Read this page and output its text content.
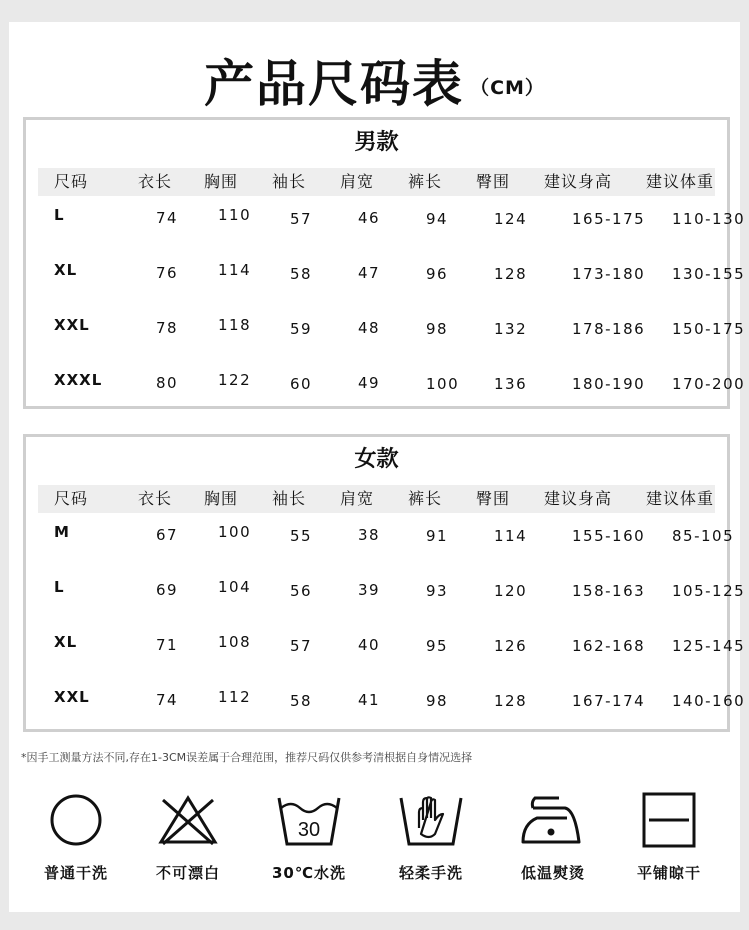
产品尺码表 （CM）
男款
尺码	衣长 胸围 袖长 肩宽 裤长 臀围 建议身高 建议体重
L	74	110	57	46	94	124	165-175 110-130
XL	76	114	58	47	96	128	173-180 130-155
XXL	78	118	59	48	98	132	178-186 150-175
XXXL	80	122	60	49	100 136	180-190 170-200
女款
尺码	衣长 胸围 袖长 肩宽 裤长 臀围 建议身高 建议体重
M	67	100	55	38	91	114	155-160 85-105
L	69	104	56	39	93	120	158-163 105-125
XL	71	108	57	40	95	126	162-168 125-145
XXL	74	112	58	41	98	128	167-174 140-160
*因手工测量方法不同,存在1-3CM误差属于合理范围，推荐尺码仅供参考清根据自身情况选择
普通干洗	不可漂白
30
30℃水洗	轻柔手洗	低温熨烫	平铺晾干
